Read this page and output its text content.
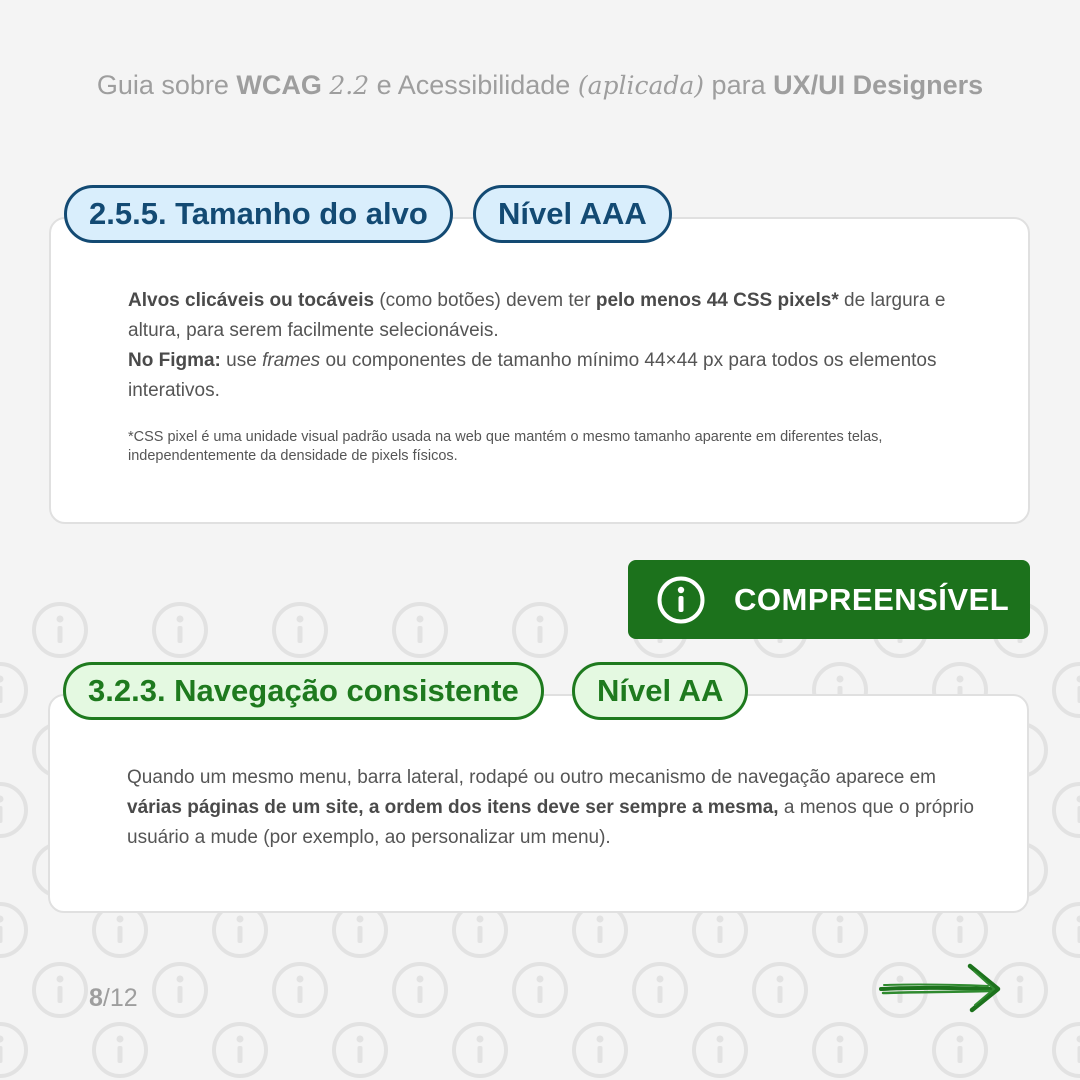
Guia sobre WCAG 2.2 e Acessibilidade (aplicada) para UX/UI Designers
2.5.5. Tamanho do alvo	Nível AAA
Alvos clicáveis ou tocáveis (como botões) devem ter pelo menos 44 CSS pixels* de largura e altura, para serem facilmente selecionáveis.
No Figma: use frames ou componentes de tamanho mínimo 44×44 px para todos os elementos interativos.
*CSS pixel é uma unidade visual padrão usada na web que mantém o mesmo tamanho aparente em diferentes telas, independentemente da densidade de pixels físicos.
COMPREENSÍVEL
3.2.3. Navegação consistente	Nível AA
Quando um mesmo menu, barra lateral, rodapé ou outro mecanismo de navegação aparece em várias páginas de um site, a ordem dos itens deve ser sempre a mesma, a menos que o próprio usuário a mude (por exemplo, ao personalizar um menu).
8/12
